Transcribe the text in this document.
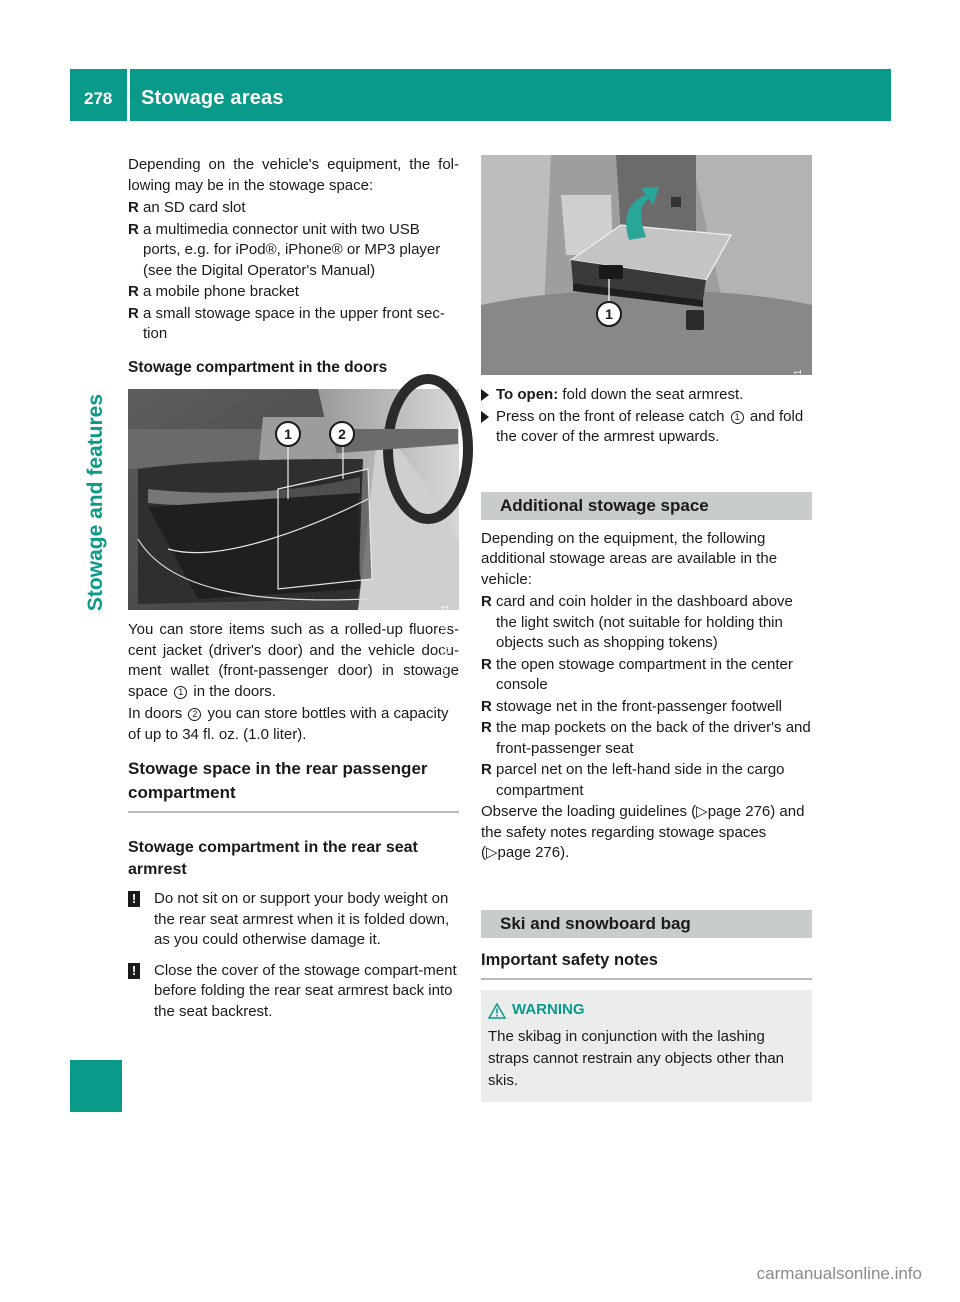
278 Stowage areas
Stowage and features

Depending on the vehicle's equipment, the fol-lowing may be in the stowage space:

R an SD card slot
R a multimedia connector unit with two USB ports, e.g. for iPod®, iPhone® or MP3 player (see the Digital Operator's Manual)
R a mobile phone bracket
R a small stowage space in the upper front sec-tion
Stowage compartment in the doors
1	2
P68.00-7789-31

You can store items such as a rolled-up fluores-cent jacket (driver's door) and the vehicle docu-ment wallet (front-passenger door) in stowage space 1 in the doors.

In doors 2 you can store bottles with a capacity of up to 34 fl. oz. (1.0 liter).

Stowage space in the rear passenger compartment
Stowage compartment in the rear seat armrest
! Do not sit on or support your body weight on the rear seat armrest when it is folded down, as you could otherwise damage it.
! Close the cover of the stowage compart-ment before folding the rear seat armrest back into the seat backrest.
1
P68.00-8177-31
To open: fold down the seat armrest.
Press on the front of release catch 1 and fold the cover of the armrest upwards.
Additional stowage space

Depending on the equipment, the following additional stowage areas are available in the vehicle:

R card and coin holder in the dashboard above the light switch (not suitable for holding thin objects such as shopping tokens)
R the open stowage compartment in the center console
R stowage net in the front-passenger footwell
R the map pockets on the back of the driver's and front-passenger seat
R parcel net on the left-hand side in the cargo compartment

Observe the loading guidelines (▷page 276) and the safety notes regarding stowage spaces (▷page 276).

Ski and snowboard bag
Important safety notes
WARNING

The skibag in conjunction with the lashing straps cannot restrain any objects other than skis.

carmanualsonline.info
